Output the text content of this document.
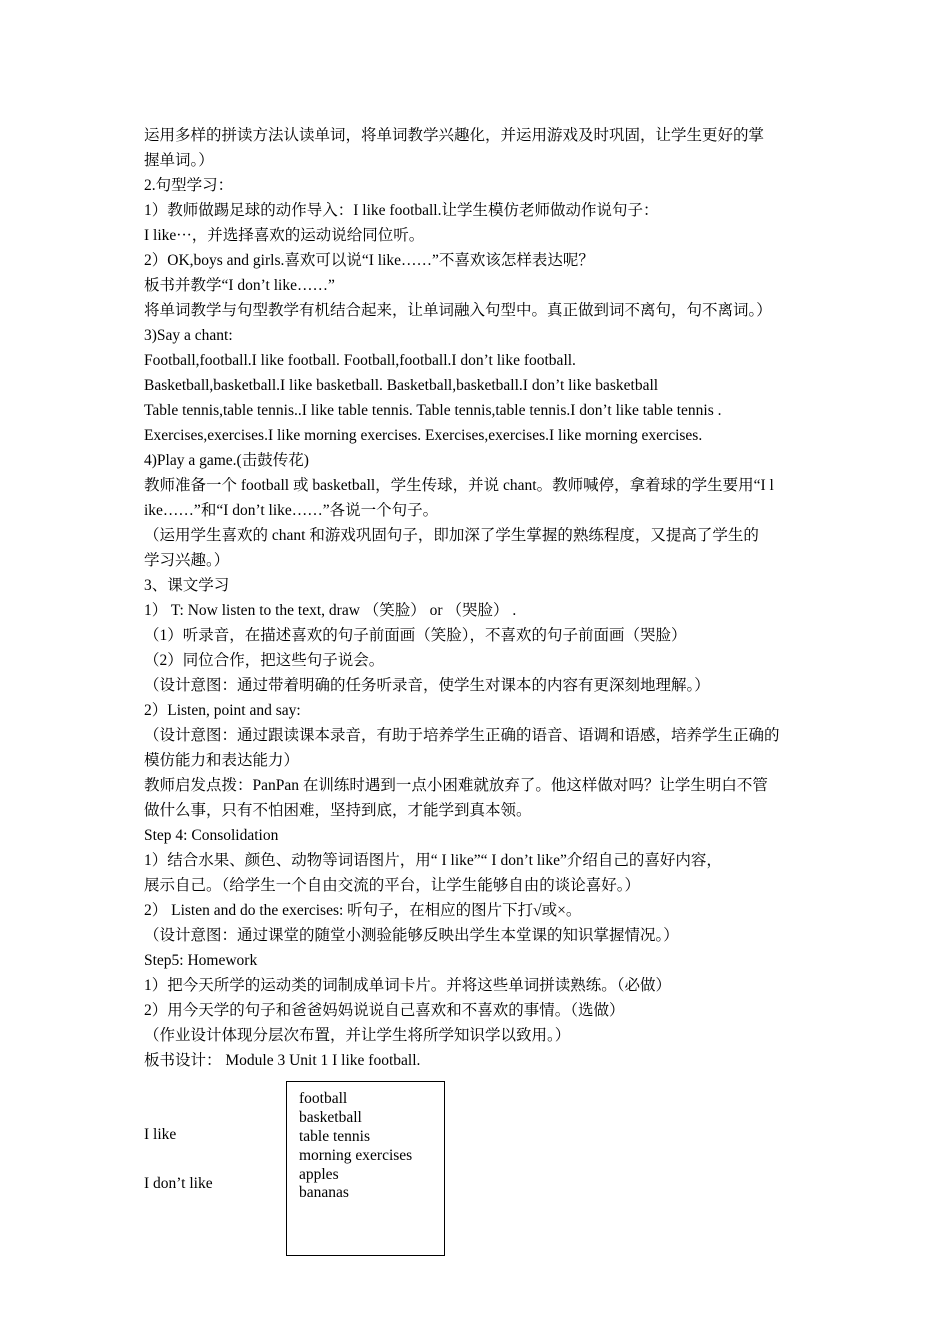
运用多样的拼读方法认读单词，将单词教学兴趣化，并运用游戏及时巩固，让学生更好的掌
握单词。）
2.句型学习：
1）教师做踢足球的动作导入：I like football.让学生模仿老师做动作说句子：
I like···，并选择喜欢的运动说给同位听。
2）OK,boys and girls.喜欢可以说“I like……”不喜欢该怎样表达呢？
板书并教学“I don’t like……”
将单词教学与句型教学有机结合起来，让单词融入句型中。真正做到词不离句，句不离词。）
3)Say a chant:
Football,football.I like football. Football,football.I don’t like football.
Basketball,basketball.I like basketball. Basketball,basketball.I don’t like basketball
Table tennis,table tennis..I like table tennis. Table tennis,table tennis.I don’t like table tennis .
Exercises,exercises.I like morning exercises. Exercises,exercises.I like morning exercises.
4)Play a game.(击鼓传花)
教师准备一个 football 或 basketball，学生传球，并说 chant。教师喊停，拿着球的学生要用“I l
ike……”和“I don’t like……”各说一个句子。
（运用学生喜欢的 chant 和游戏巩固句子，即加深了学生掌握的熟练程度，又提高了学生的
学习兴趣。）
3、课文学习
1） T: Now listen to the text, draw （笑脸） or （哭脸） .
（1）听录音，在描述喜欢的句子前面画（笑脸），不喜欢的句子前面画（哭脸）
（2）同位合作，把这些句子说会。
（设计意图：通过带着明确的任务听录音，使学生对课本的内容有更深刻地理解。）
2）Listen, point and say:
（设计意图：通过跟读课本录音，有助于培养学生正确的语音、语调和语感，培养学生正确的
模仿能力和表达能力）
教师启发点拨：PanPan 在训练时遇到一点小困难就放弃了。他这样做对吗？让学生明白不管
做什么事，只有不怕困难，坚持到底，才能学到真本领。
Step 4: Consolidation
1）结合水果、颜色、动物等词语图片，用“ I like”“ I don’t like”介绍自己的喜好内容，
展示自己。（给学生一个自由交流的平台，让学生能够自由的谈论喜好。）
2） Listen and do the exercises: 听句子，在相应的图片下打√或×。
（设计意图：通过课堂的随堂小测验能够反映出学生本堂课的知识掌握情况。）
Step5: Homework
1）把今天所学的运动类的词制成单词卡片。并将这些单词拼读熟练。（必做）
2）用今天学的句子和爸爸妈妈说说自己喜欢和不喜欢的事情。（选做）
（作业设计体现分层次布置，并让学生将所学知识学以致用。）
板书设计： Module 3 Unit 1 I like football.
I like
I don’t like
football
basketball
table tennis
morning exercises
apples
bananas
